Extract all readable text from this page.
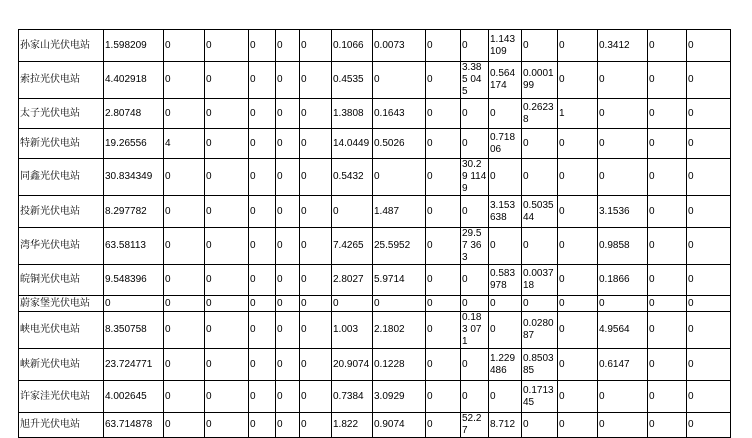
孙家山光伏电站	1.598209	0	0	0	0	0	0.1066	0.0073	0	0	1.143 109	0	0	0.3412	0	0
索拉光伏电站	4.402918	0	0	0	0	0	0.4535	0	0	3.385 045	0.564 174	0.0001 99	0	0	0	0
太子光伏电站	2.80748	0	0	0	0	0	1.3808	0.1643	0	0	0	0.2623 8	1	0	0	0
特新光伏电站	19.26556	4	0	0	0	0	14.0449	0.5026	0	0	0.718 06	0	0	0	0	0
同鑫光伏电站	30.834349	0	0	0	0	0	0.5432	0	0	30.29 1149	0	0	0	0	0	0
投新光伏电站	8.297782	0	0	0	0	0	0	1.487	0	0	3.153 638	0.5035 44	0	3.1536	0	0
湾华光伏电站	63.58113	0	0	0	0	0	7.4265	25.5952	0	29.57 363	0	0	0	0.9858	0	0
皖铜光伏电站	9.548396	0	0	0	0	0	2.8027	5.9714	0	0	0.583 978	0.0037 18	0	0.1866	0	0
蔚家堡光伏电站	0	0	0	0	0	0	0	0	0	0	0	0	0	0	0	0
峡电光伏电站	8.350758	0	0	0	0	0	1.003	2.1802	0	0.183 071	0	0.0280 87	0	4.9564	0	0
峡新光伏电站	23.724771	0	0	0	0	0	20.9074	0.1228	0	0	1.229 486	0.8503 85	0	0.6147	0	0
许家洼光伏电站	4.002645	0	0	0	0	0	0.7384	3.0929	0	0	0	0.1713 45	0	0	0	0
旭升光伏电站	63.714878	0	0	0	0	0	1.822	0.9074	0	52.27	8.712	0	0	0	0	0
